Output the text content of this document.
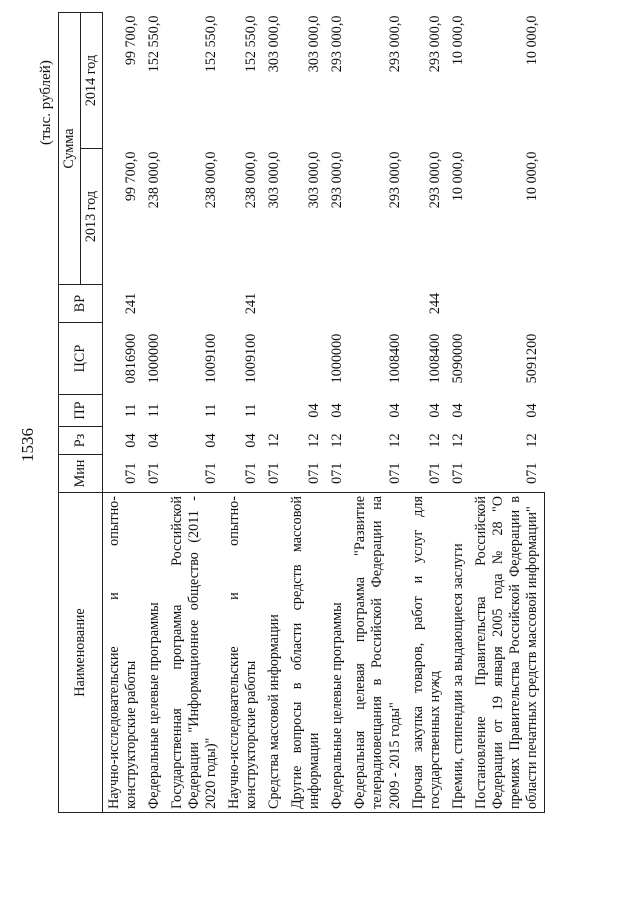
1536
(тыс. рублей)
Наименование	Мин	Рз	ПР	ЦСР	ВР	Сумма	
						2013 год	2014 год
Научно-исследовательские и опытно-конструкторские работы	071	04	11	0816900	241	99 700,0	99 700,0
Федеральные целевые программы	071	04	11	1000000		238 000,0	152 550,0
Государственная программа Российской Федерации "Информационное общество (2011 - 2020 годы)"	071	04	11	1009100		238 000,0	152 550,0
Научно-исследовательские и опытно-конструкторские работы	071	04	11	1009100	241	238 000,0	152 550,0
Средства массовой информации	071	12				303 000,0	303 000,0
Другие вопросы в области средств массовой информации	071	12	04			303 000,0	303 000,0
Федеральные целевые программы	071	12	04	1000000		293 000,0	293 000,0
Федеральная целевая программа "Развитие телерадиовещания в Российской Федерации на 2009 - 2015 годы"	071	12	04	1008400		293 000,0	293 000,0
Прочая закупка товаров, работ и услуг для государственных нужд	071	12	04	1008400	244	293 000,0	293 000,0
Премии, стипендии за выдающиеся заслуги	071	12	04	5090000		10 000,0	10 000,0
Постановление Правительства Российской Федерации от 19 января 2005 года № 28 "О премиях Правительства Российской Федерации в области печатных средств массовой информации"	071	12	04	5091200		10 000,0	10 000,0
